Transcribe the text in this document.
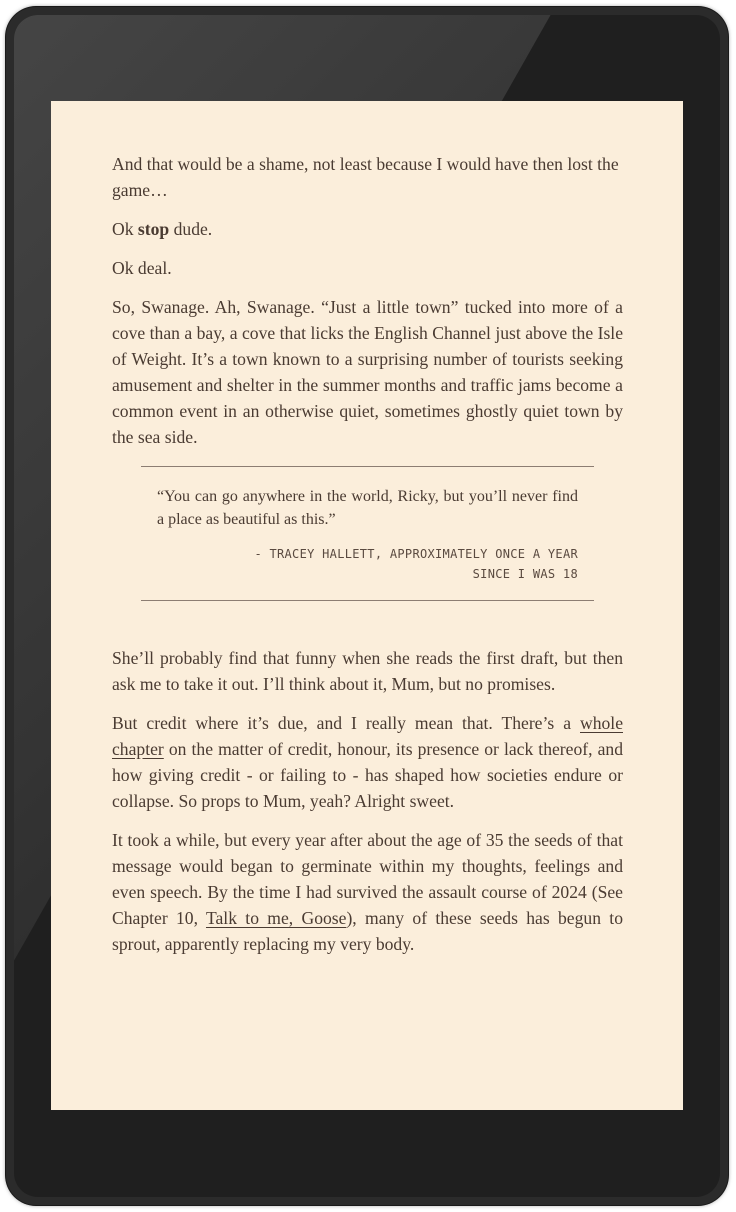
And that would be a shame, not least because I would have then lost the game…

Ok stop dude.

Ok deal.

So, Swanage. Ah, Swanage. “Just a little town” tucked into more of a cove than a bay, a cove that licks the English Channel just above the Isle of Weight. It’s a town known to a surprising number of tourists seeking amusement and shelter in the summer months and traffic jams become a common event in an otherwise quiet, sometimes ghostly quiet town by the sea side.

“You can go anywhere in the world, Ricky, but you’ll never find a place as beautiful as this.”

- TRACEY HALLETT, APPROXIMATELY ONCE A YEAR
SINCE I WAS 18

She’ll probably find that funny when she reads the first draft, but then ask me to take it out. I’ll think about it, Mum, but no promises.

But credit where it’s due, and I really mean that. There’s a whole chapter on the matter of credit, honour, its presence or lack thereof, and how giving credit - or failing to - has shaped how societies endure or collapse. So props to Mum, yeah? Alright sweet.

It took a while, but every year after about the age of 35 the seeds of that message would began to germinate within my thoughts, feelings and even speech. By the time I had survived the assault course of 2024 (See Chapter 10, Talk to me, Goose), many of these seeds has begun to sprout, apparently replacing my very body.
